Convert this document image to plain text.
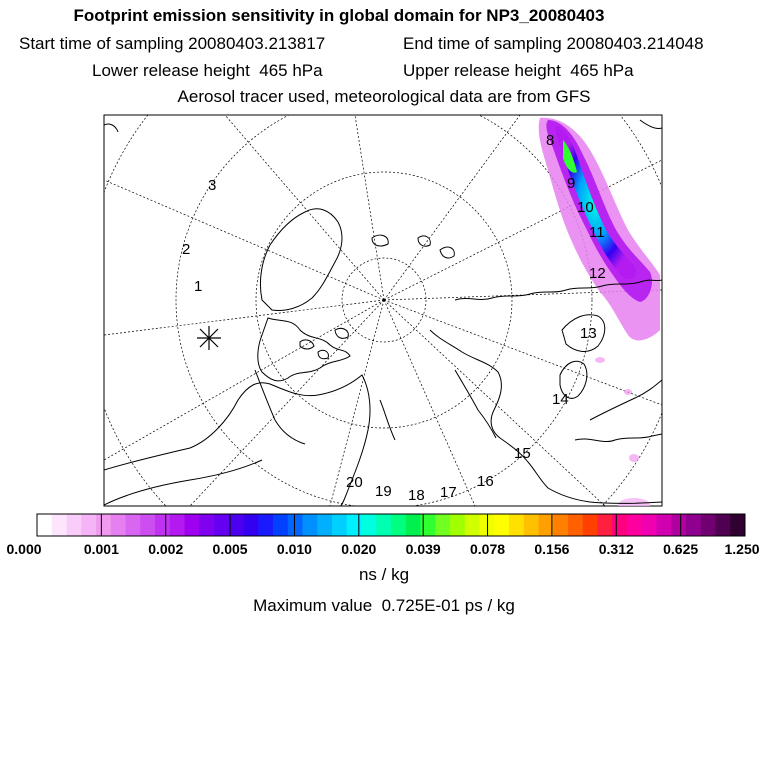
Footprint emission sensitivity in global domain for NP3_20080403
Start time of sampling 20080403.213817	End time of sampling 20080403.214048
Lower release height  465 hPa	Upper release height  465 hPa
Aerosol tracer used, meteorological data are from GFS
1
2
3
8
9
10
11
12
13
14
15
16
17
18
19
20
0.000	0.001 0.002 0.005 0.010 0.020 0.039 0.078 0.156 0.312 0.625 1.250
ns / kg
Maximum value  0.725E-01 ps / kg
